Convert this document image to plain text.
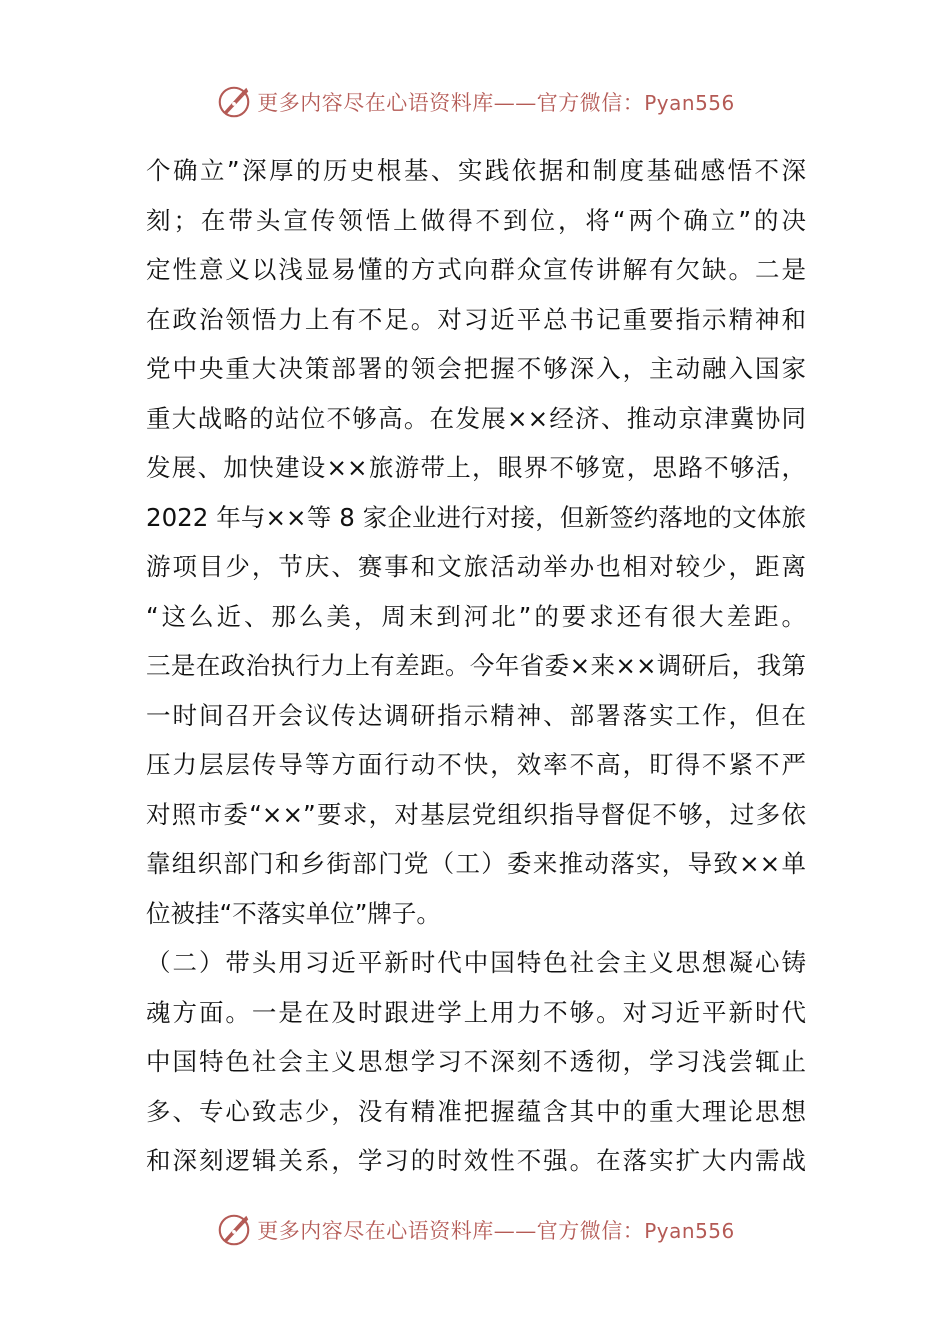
更多内容尽在心语资料库——官方微信：Pyan556
个确立”深厚的历史根基、实践依据和制度基础感悟不深
刻；在带头宣传领悟上做得不到位，将“两个确立”的决
定性意义以浅显易懂的方式向群众宣传讲解有欠缺。二是
在政治领悟力上有不足。对习近平总书记重要指示精神和
党中央重大决策部署的领会把握不够深入，主动融入国家
重大战略的站位不够高。在发展××经济、推动京津冀协同
发展、加快建设××旅游带上，眼界不够宽，思路不够活，
2022 年与××等 8 家企业进行对接，但新签约落地的文体旅
游项目少，节庆、赛事和文旅活动举办也相对较少，距离
“这么近、那么美，周末到河北”的要求还有很大差距。
三是在政治执行力上有差距。今年省委×来××调研后，我第
一时间召开会议传达调研指示精神、部署落实工作，但在
压力层层传导等方面行动不快，效率不高，盯得不紧不严
对照市委“××”要求，对基层党组织指导督促不够，过多依
靠组织部门和乡街部门党（工）委来推动落实，导致××单
位被挂“不落实单位”牌子。
（二）带头用习近平新时代中国特色社会主义思想凝心铸
魂方面。一是在及时跟进学上用力不够。对习近平新时代
中国特色社会主义思想学习不深刻不透彻，学习浅尝辄止
多、专心致志少，没有精准把握蕴含其中的重大理论思想
和深刻逻辑关系，学习的时效性不强。在落实扩大内需战
更多内容尽在心语资料库——官方微信：Pyan556
